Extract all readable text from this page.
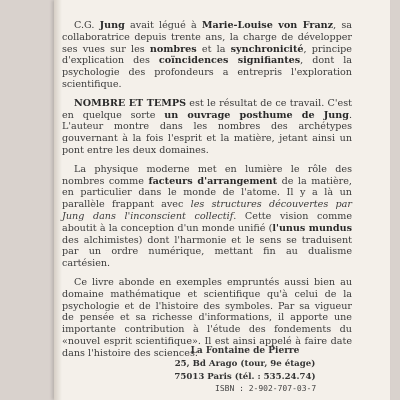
C.G. Jung avait légué à Marie-Louise von Franz, sa collaboratrice depuis trente ans, la charge de développer ses vues sur les nombres et la synchronicité, principe d'explication des coïncidences signifiantes, dont la psychologie des profondeurs a entrepris l'exploration scientifique.

NOMBRE ET TEMPS est le résultat de ce travail. C'est en quelque sorte un ouvrage posthume de Jung. L'auteur montre dans les nombres des archétypes gouvernant à la fois l'esprit et la matière, jetant ainsi un pont entre les deux domaines.

La physique moderne met en lumière le rôle des nombres comme facteurs d'arrangement de la matière, en particulier dans le monde de l'atome. Il y a là un parallèle frappant avec les structures découvertes par Jung dans l'inconscient collectif. Cette vision comme aboutit à la conception d'un monde unifié (l'unus mundus des alchimistes) dont l'harmonie et le sens se traduisent par un ordre numérique, mettant fin au dualisme cartésien.

Ce livre abonde en exemples empruntés aussi bien au domaine mathématique et scientifique qu'à celui de la psychologie et de l'histoire des symboles. Par sa vigueur de pensée et sa richesse d'informations, il apporte une importante contribution à l'étude des fondements du «nouvel esprit scientifique». Il est ainsi appelé à faire date dans l'histoire des sciences.

La Fontaine de Pierre
25, Bd Arago (tour, 9e étage)
75013 Paris (tél. : 535.24.74)
ISBN : 2-902-707-03-7
